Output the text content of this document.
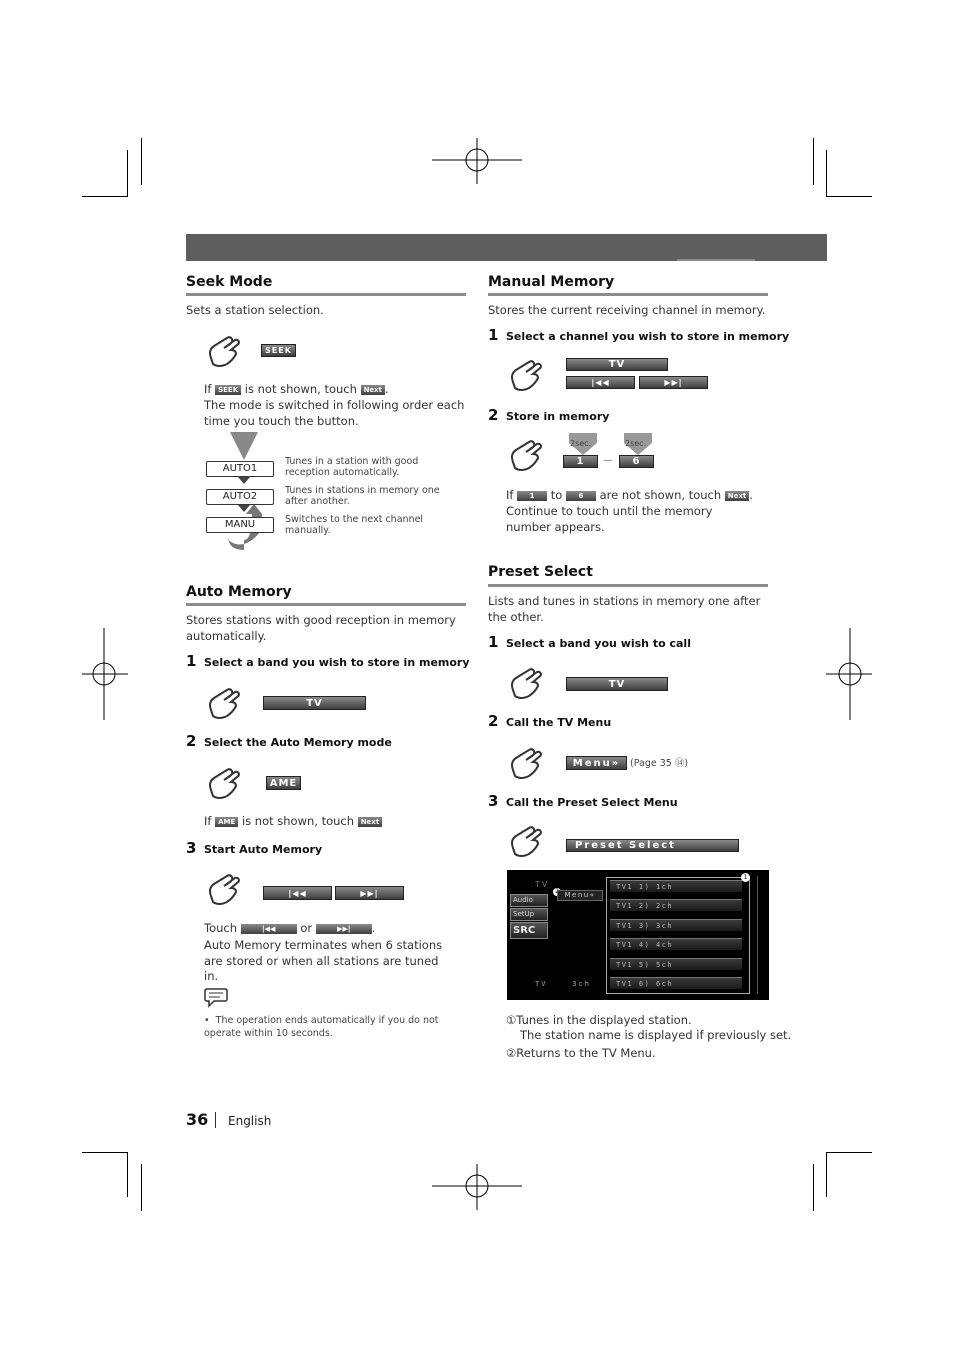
Seek Mode
Sets a station selection.
SEEK
If SEEK is not shown, touch Next .
The mode is switched in following order each time you touch the button.
AUTO1
AUTO2
MANU
Tunes in a station with good reception automatically.
Tunes in stations in memory one after another.
Switches to the next channel manually.
Auto Memory
Stores stations with good reception in memory automatically.
1 Select a band you wish to store in memory
TV
2 Select the Auto Memory mode
AME
If AME is not shown, touch Next
3 Start Auto Memory
|◀◀	▶▶|
Touch	|◀◀ or	▶▶| .
Auto Memory terminates when 6 stations are stored or when all stations are tuned in.
•  The operation ends automatically if you do not operate within 10 seconds.
Manual Memory
Stores the current receiving channel in memory.
1 Select a channel you wish to store in memory
TV
|◀◀	▶▶|
2 Store in memory
2sec.	2sec.
1	—	6
If 1 to 6 are not shown, touch Next .
Continue to touch until the memory number appears.
Preset Select
Lists and tunes in stations in memory one after the other.
1 Select a band you wish to call
TV
2 Call the TV Menu
Menu»	(Page 35 ⑭)
3 Call the Preset Select Menu
Preset Select
TV
Menu«
Audio
SetUp
SRC
1
TV1 1) 1ch
TV1 2) 2ch
TV1 3) 3ch
TV1 4) 4ch
TV1 5) 5ch
TV1 6) 6ch
TV    3ch
①Tunes in the displayed station.
The station name is displayed if previously set.
②Returns to the TV Menu.
36 English
